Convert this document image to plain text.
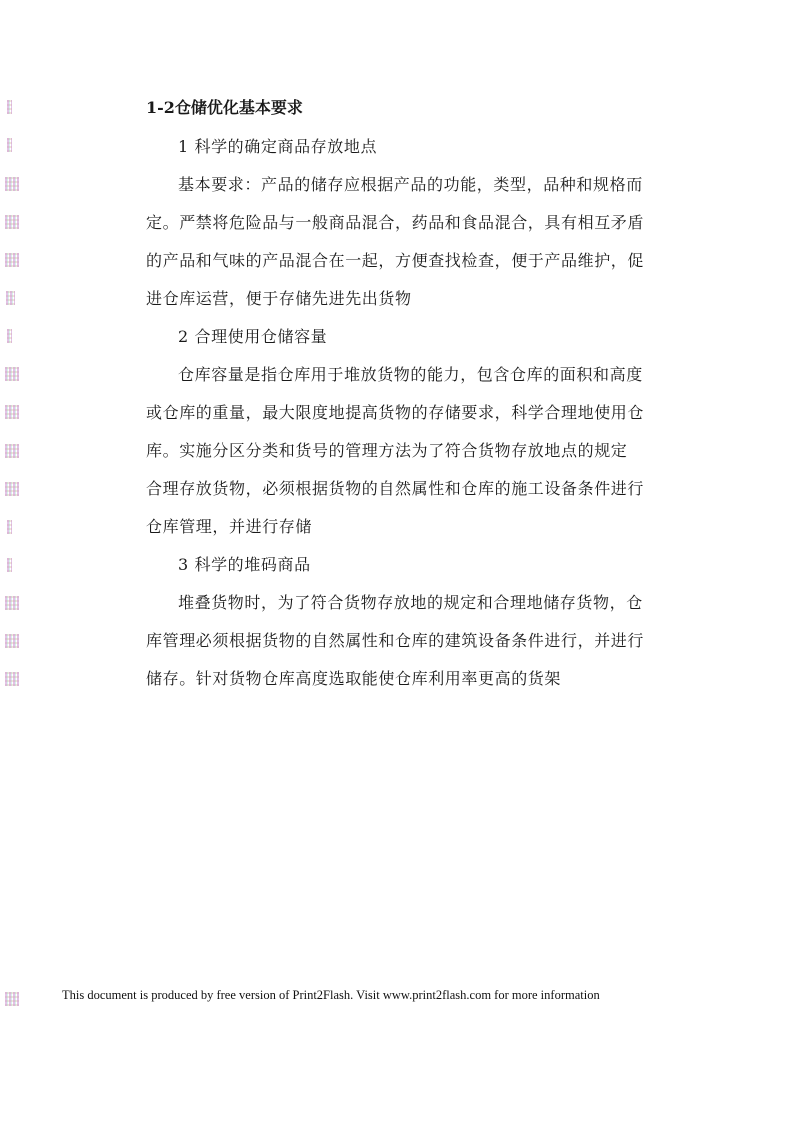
1-2仓储优化基本要求
1 科学的确定商品存放地点
基本要求：产品的储存应根据产品的功能，类型，品种和规格而
定。严禁将危险品与一般商品混合，药品和食品混合，具有相互矛盾
的产品和气味的产品混合在一起，方便查找检查，便于产品维护，促
进仓库运营，便于存储先进先出货物
2 合理使用仓储容量
仓库容量是指仓库用于堆放货物的能力，包含仓库的面积和高度
或仓库的重量，最大限度地提高货物的存储要求，科学合理地使用仓
库。实施分区分类和货号的管理方法为了符合货物存放地点的规定
合理存放货物，必须根据货物的自然属性和仓库的施工设备条件进行
仓库管理，并进行存储
3 科学的堆码商品
堆叠货物时，为了符合货物存放地的规定和合理地储存货物，仓
库管理必须根据货物的自然属性和仓库的建筑设备条件进行，并进行
储存。针对货物仓库高度选取能使仓库利用率更高的货架
This document is produced by free version of Print2Flash. Visit www.print2flash.com for more information
